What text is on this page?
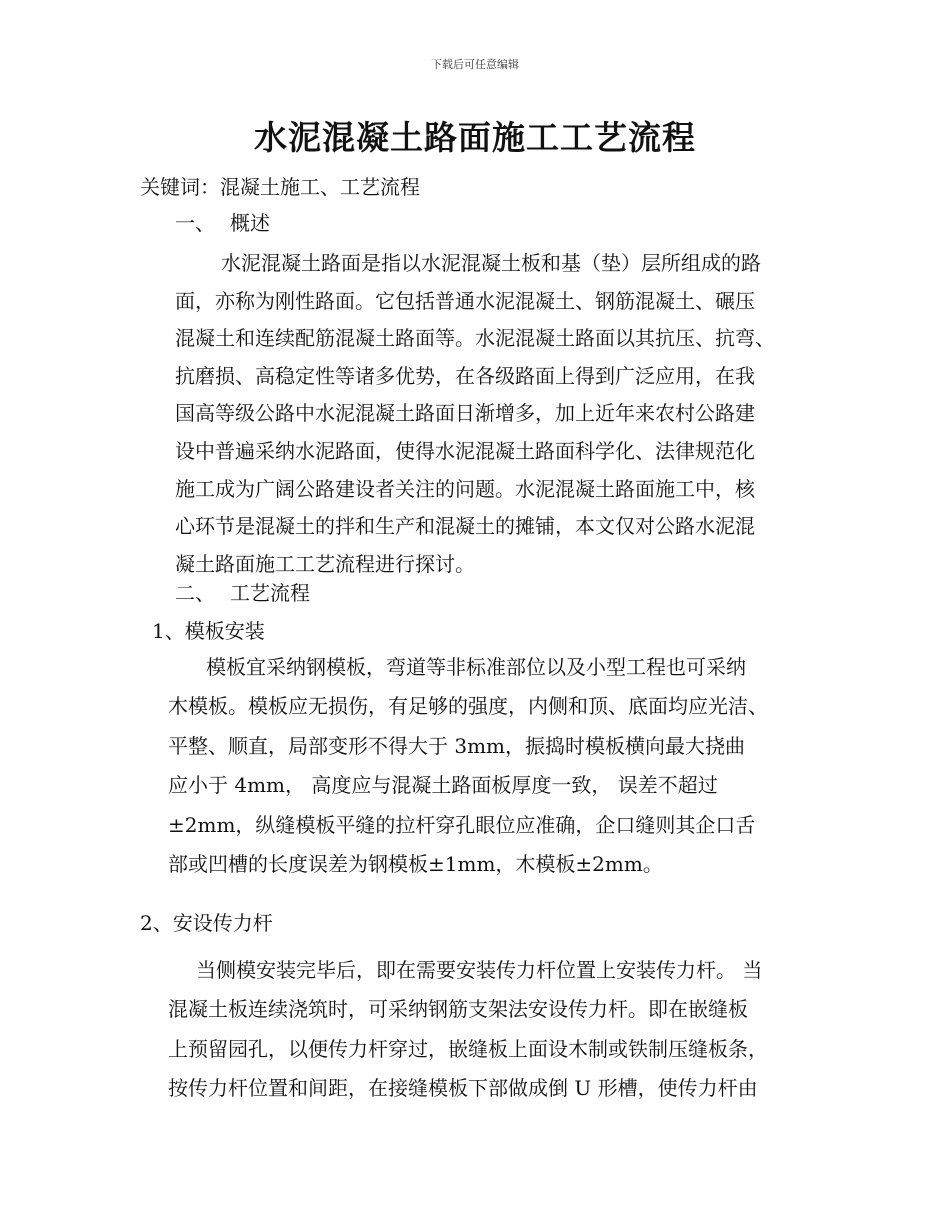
下载后可任意编辑
水泥混凝土路面施工工艺流程
关键词：混凝土施工、工艺流程
一、 概述
水泥混凝土路面是指以水泥混凝土板和基（垫）层所组成的路
面，亦称为刚性路面。它包括普通水泥混凝土、钢筋混凝土、碾压
混凝土和连续配筋混凝土路面等。水泥混凝土路面以其抗压、抗弯、
抗磨损、高稳定性等诸多优势，在各级路面上得到广泛应用，在我
国高等级公路中水泥混凝土路面日渐增多，加上近年来农村公路建
设中普遍采纳水泥路面，使得水泥混凝土路面科学化、法律规范化
施工成为广阔公路建设者关注的问题。水泥混凝土路面施工中，核
心环节是混凝土的拌和生产和混凝土的摊铺，本文仅对公路水泥混
凝土路面施工工艺流程进行探讨。
二、 工艺流程
1、模板安装
模板宜采纳钢模板，弯道等非标准部位以及小型工程也可采纳
木模板。模板应无损伤，有足够的强度，内侧和顶、底面均应光洁、
平整、顺直，局部变形不得大于 3mm，振捣时模板横向最大挠曲
应小于 4mm， 高度应与混凝土路面板厚度一致， 误差不超过
±2mm，纵缝模板平缝的拉杆穿孔眼位应准确，企口缝则其企口舌
部或凹槽的长度误差为钢模板±1mm，木模板±2mm。
2、安设传力杆
当侧模安装完毕后，即在需要安装传力杆位置上安装传力杆。 当
混凝土板连续浇筑时，可采纳钢筋支架法安设传力杆。即在嵌缝板
上预留园孔，以便传力杆穿过，嵌缝板上面设木制或铁制压缝板条，
按传力杆位置和间距，在接缝模板下部做成倒 U 形槽，使传力杆由
